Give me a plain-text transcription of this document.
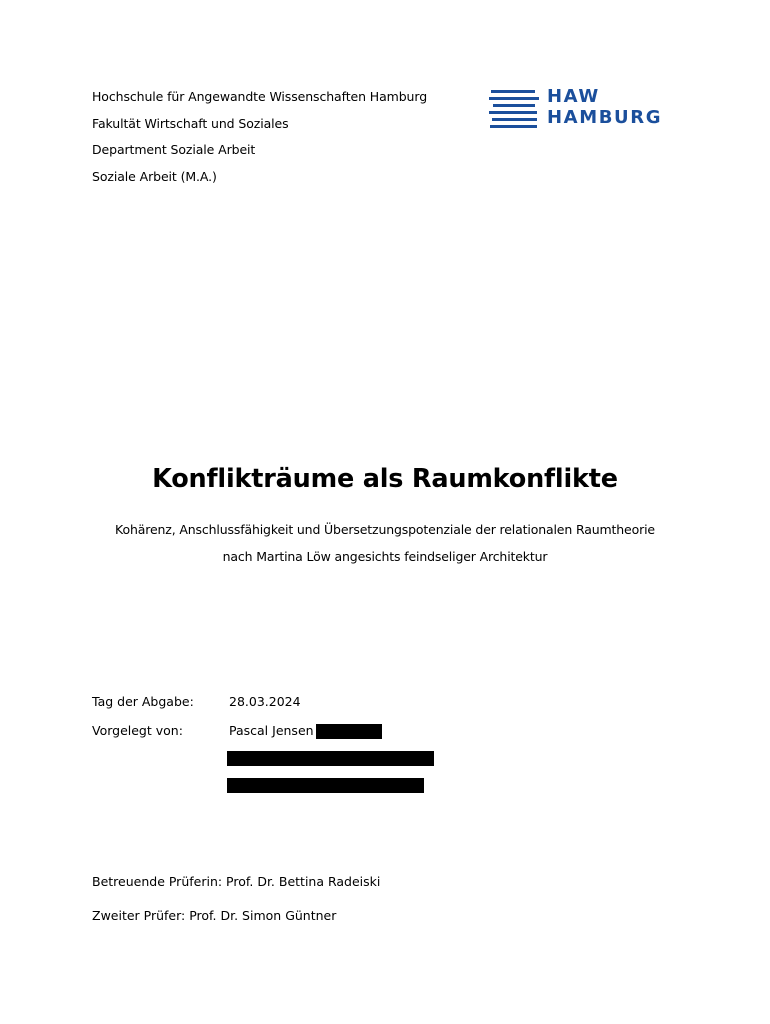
Hochschule für Angewandte Wissenschaften Hamburg
Fakultät Wirtschaft und Soziales
Department Soziale Arbeit
Soziale Arbeit (M.A.)
HAW
HAMBURG
Konflikträume als Raumkonflikte
Kohärenz, Anschlussfähigkeit und Übersetzungspotenziale der relationalen Raumtheorie
nach Martina Löw angesichts feindseliger Architektur
Tag der Abgabe:	28.03.2024
Vorgelegt von:	Pascal Jensen
Betreuende Prüferin: Prof. Dr. Bettina Radeiski
Zweiter Prüfer: Prof. Dr. Simon Güntner
